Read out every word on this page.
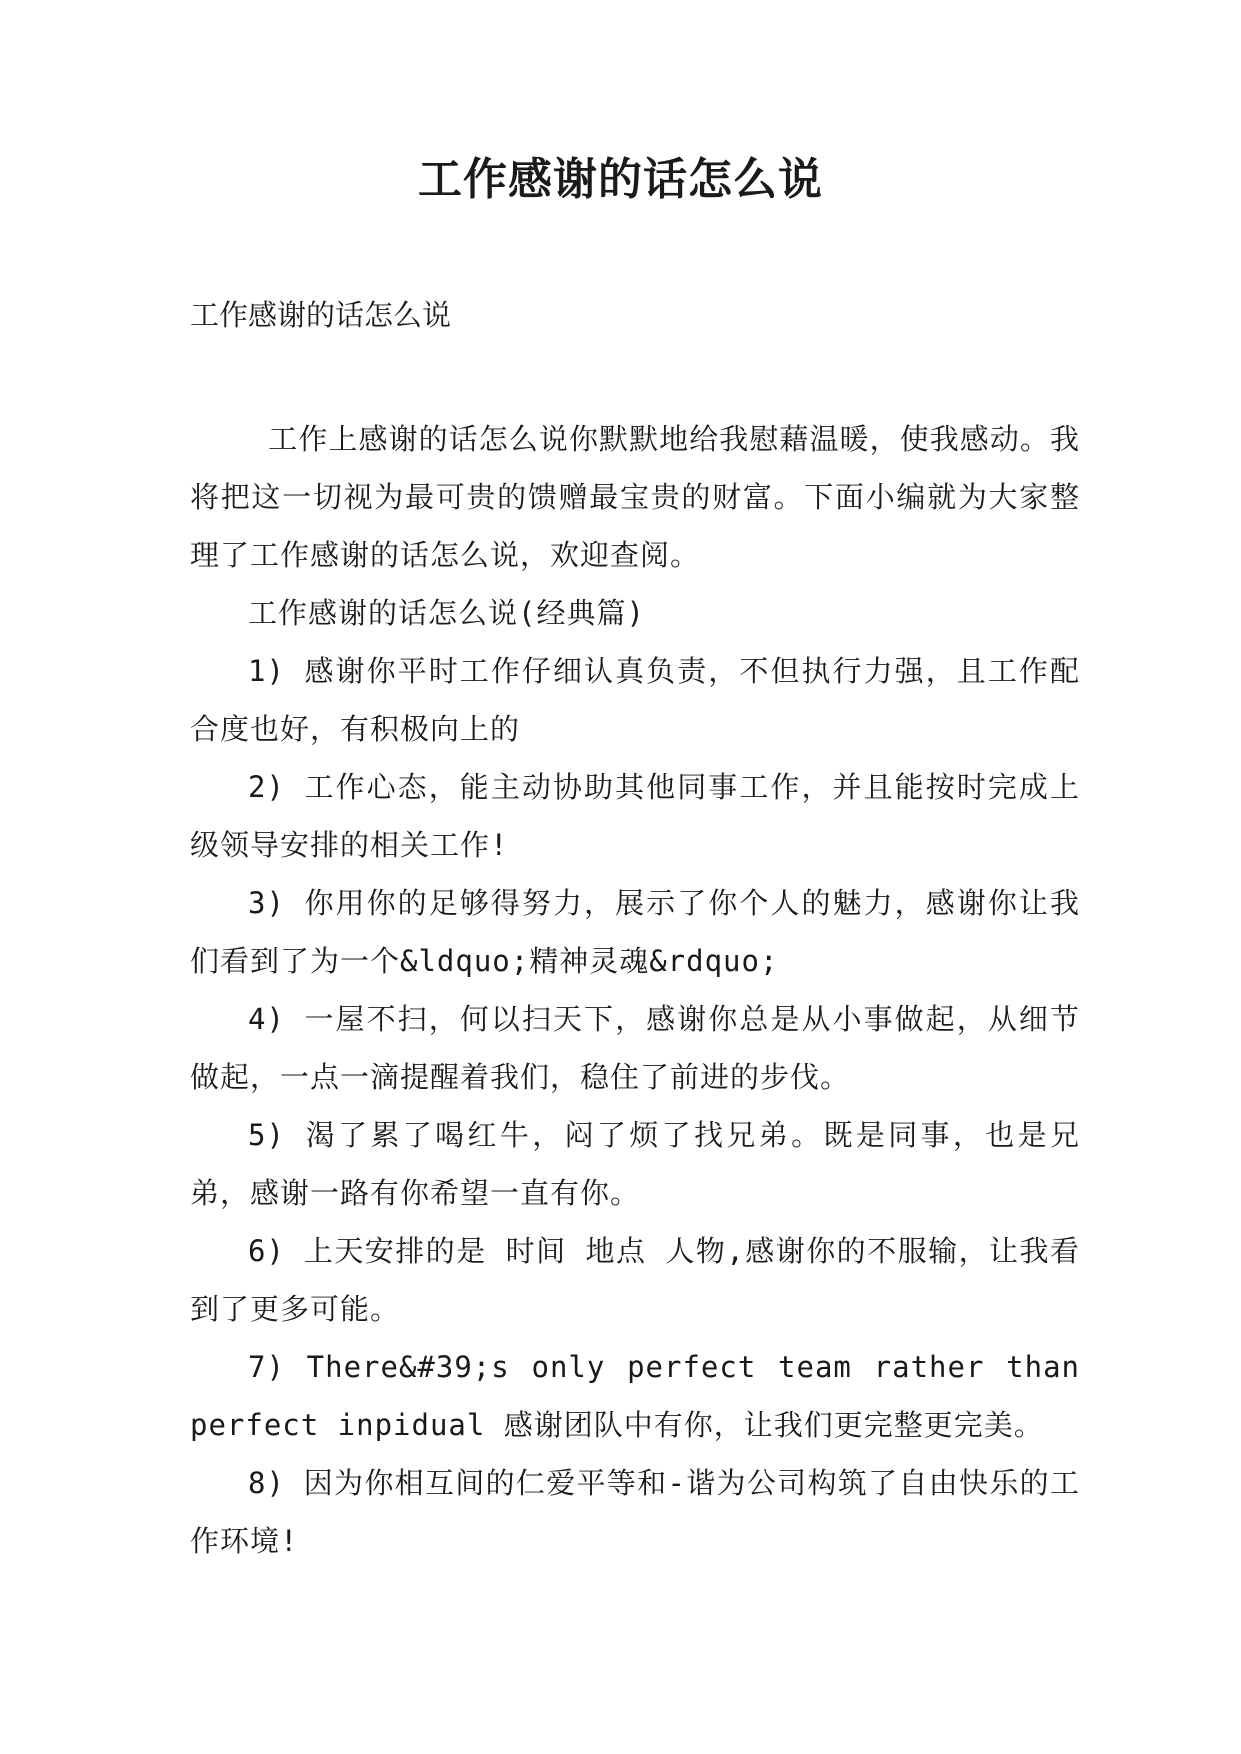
工作感谢的话怎么说
工作感谢的话怎么说

工作上感谢的话怎么说你默默地给我慰藉温暖，使我感动。我将把这一切视为最可贵的馈赠最宝贵的财富。下面小编就为大家整理了工作感谢的话怎么说，欢迎查阅。

工作感谢的话怎么说(经典篇)

1) 感谢你平时工作仔细认真负责，不但执行力强，且工作配合度也好，有积极向上的

2) 工作心态，能主动协助其他同事工作，并且能按时完成上级领导安排的相关工作!

3) 你用你的足够得努力，展示了你个人的魅力，感谢你让我们看到了为一个&ldquo;精神灵魂&rdquo;

4) 一屋不扫，何以扫天下，感谢你总是从小事做起，从细节做起，一点一滴提醒着我们，稳住了前进的步伐。

5) 渴了累了喝红牛，闷了烦了找兄弟。既是同事，也是兄弟，感谢一路有你希望一直有你。

6) 上天安排的是 时间 地点 人物,感谢你的不服输，让我看到了更多可能。

7) There&#39;s only perfect team rather than perfect inpidual 感谢团队中有你，让我们更完整更完美。

8) 因为你相互间的仁爱平等和-谐为公司构筑了自由快乐的工作环境!
